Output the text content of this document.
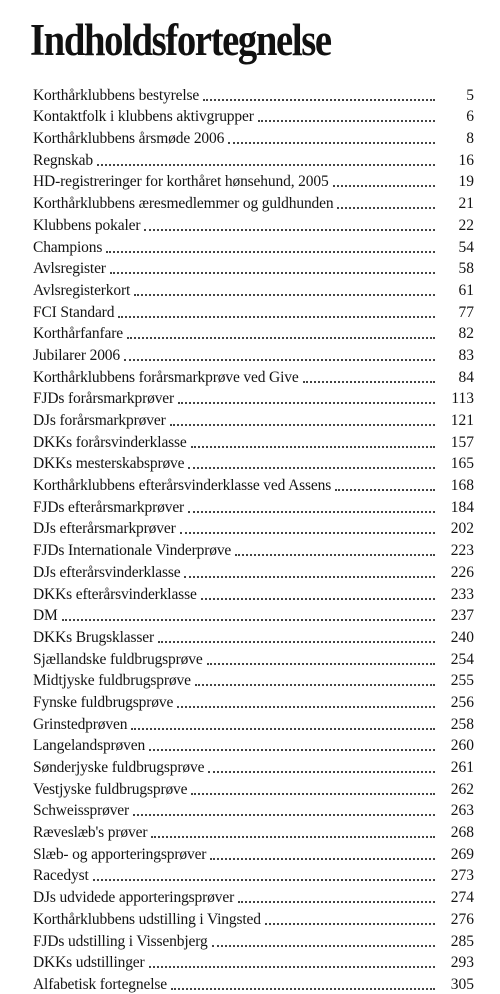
Indholdsfortegnelse
Korthårklubbens bestyrelse	5
Kontaktfolk i klubbens aktivgrupper	6
Korthårklubbens årsmøde 2006	8
Regnskab	16
HD-registreringer for korthåret hønsehund, 2005	19
Korthårklubbens æresmedlemmer og guldhunden	21
Klubbens pokaler	22
Champions	54
Avlsregister	58
Avlsregisterkort	61
FCI Standard	77
Korthårfanfare	82
Jubilarer 2006	83
Korthårklubbens forårsmarkprøve ved Give	84
FJDs forårsmarkprøver	113
DJs forårsmarkprøver	121
DKKs forårsvinderklasse	157
DKKs mesterskabsprøve	165
Korthårklubbens efterårsvinderklasse ved Assens	168
FJDs efterårsmarkprøver	184
DJs efterårsmarkprøver	202
FJDs Internationale Vinderprøve	223
DJs efterårsvinderklasse	226
DKKs efterårsvinderklasse	233
DM	237
DKKs Brugsklasser	240
Sjællandske fuldbrugsprøve	254
Midtjyske fuldbrugsprøve	255
Fynske fuldbrugsprøve	256
Grinstedprøven	258
Langelandsprøven	260
Sønderjyske fuldbrugsprøve	261
Vestjyske fuldbrugsprøve	262
Schweissprøver	263
Ræveslæb's prøver	268
Slæb- og apporteringsprøver	269
Racedyst	273
DJs udvidede apporteringsprøver	274
Korthårklubbens udstilling i Vingsted	276
FJDs udstilling i Vissenbjerg	285
DKKs udstillinger	293
Alfabetisk fortegnelse	305
